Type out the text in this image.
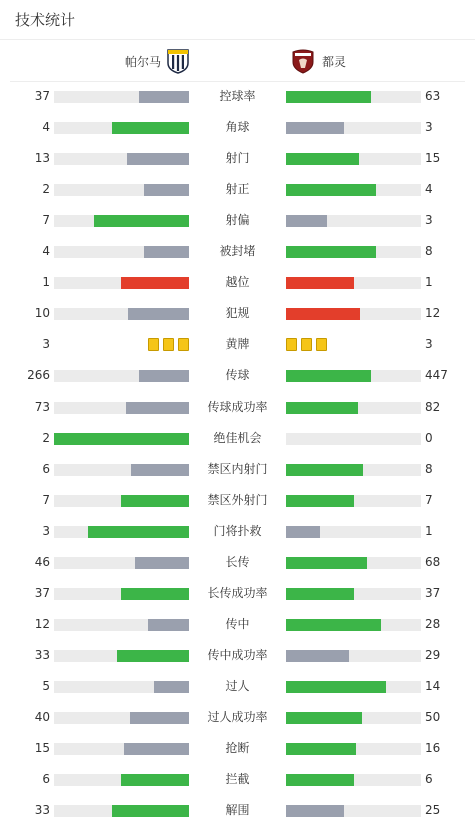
技术统计
帕尔马	都灵
37	控球率	63
4	角球	3
13	射门	15
2	射正	4
7	射偏	3
4	被封堵	8
1	越位	1
10	犯规	12
3	黄牌	3
266	传球	447
73	传球成功率	82
2	绝佳机会	0
6	禁区内射门	8
7	禁区外射门	7
3	门将扑救	1
46	长传	68
37	长传成功率	37
12	传中	28
33	传中成功率	29
5	过人	14
40	过人成功率	50
15	抢断	16
6	拦截	6
33	解围	25
